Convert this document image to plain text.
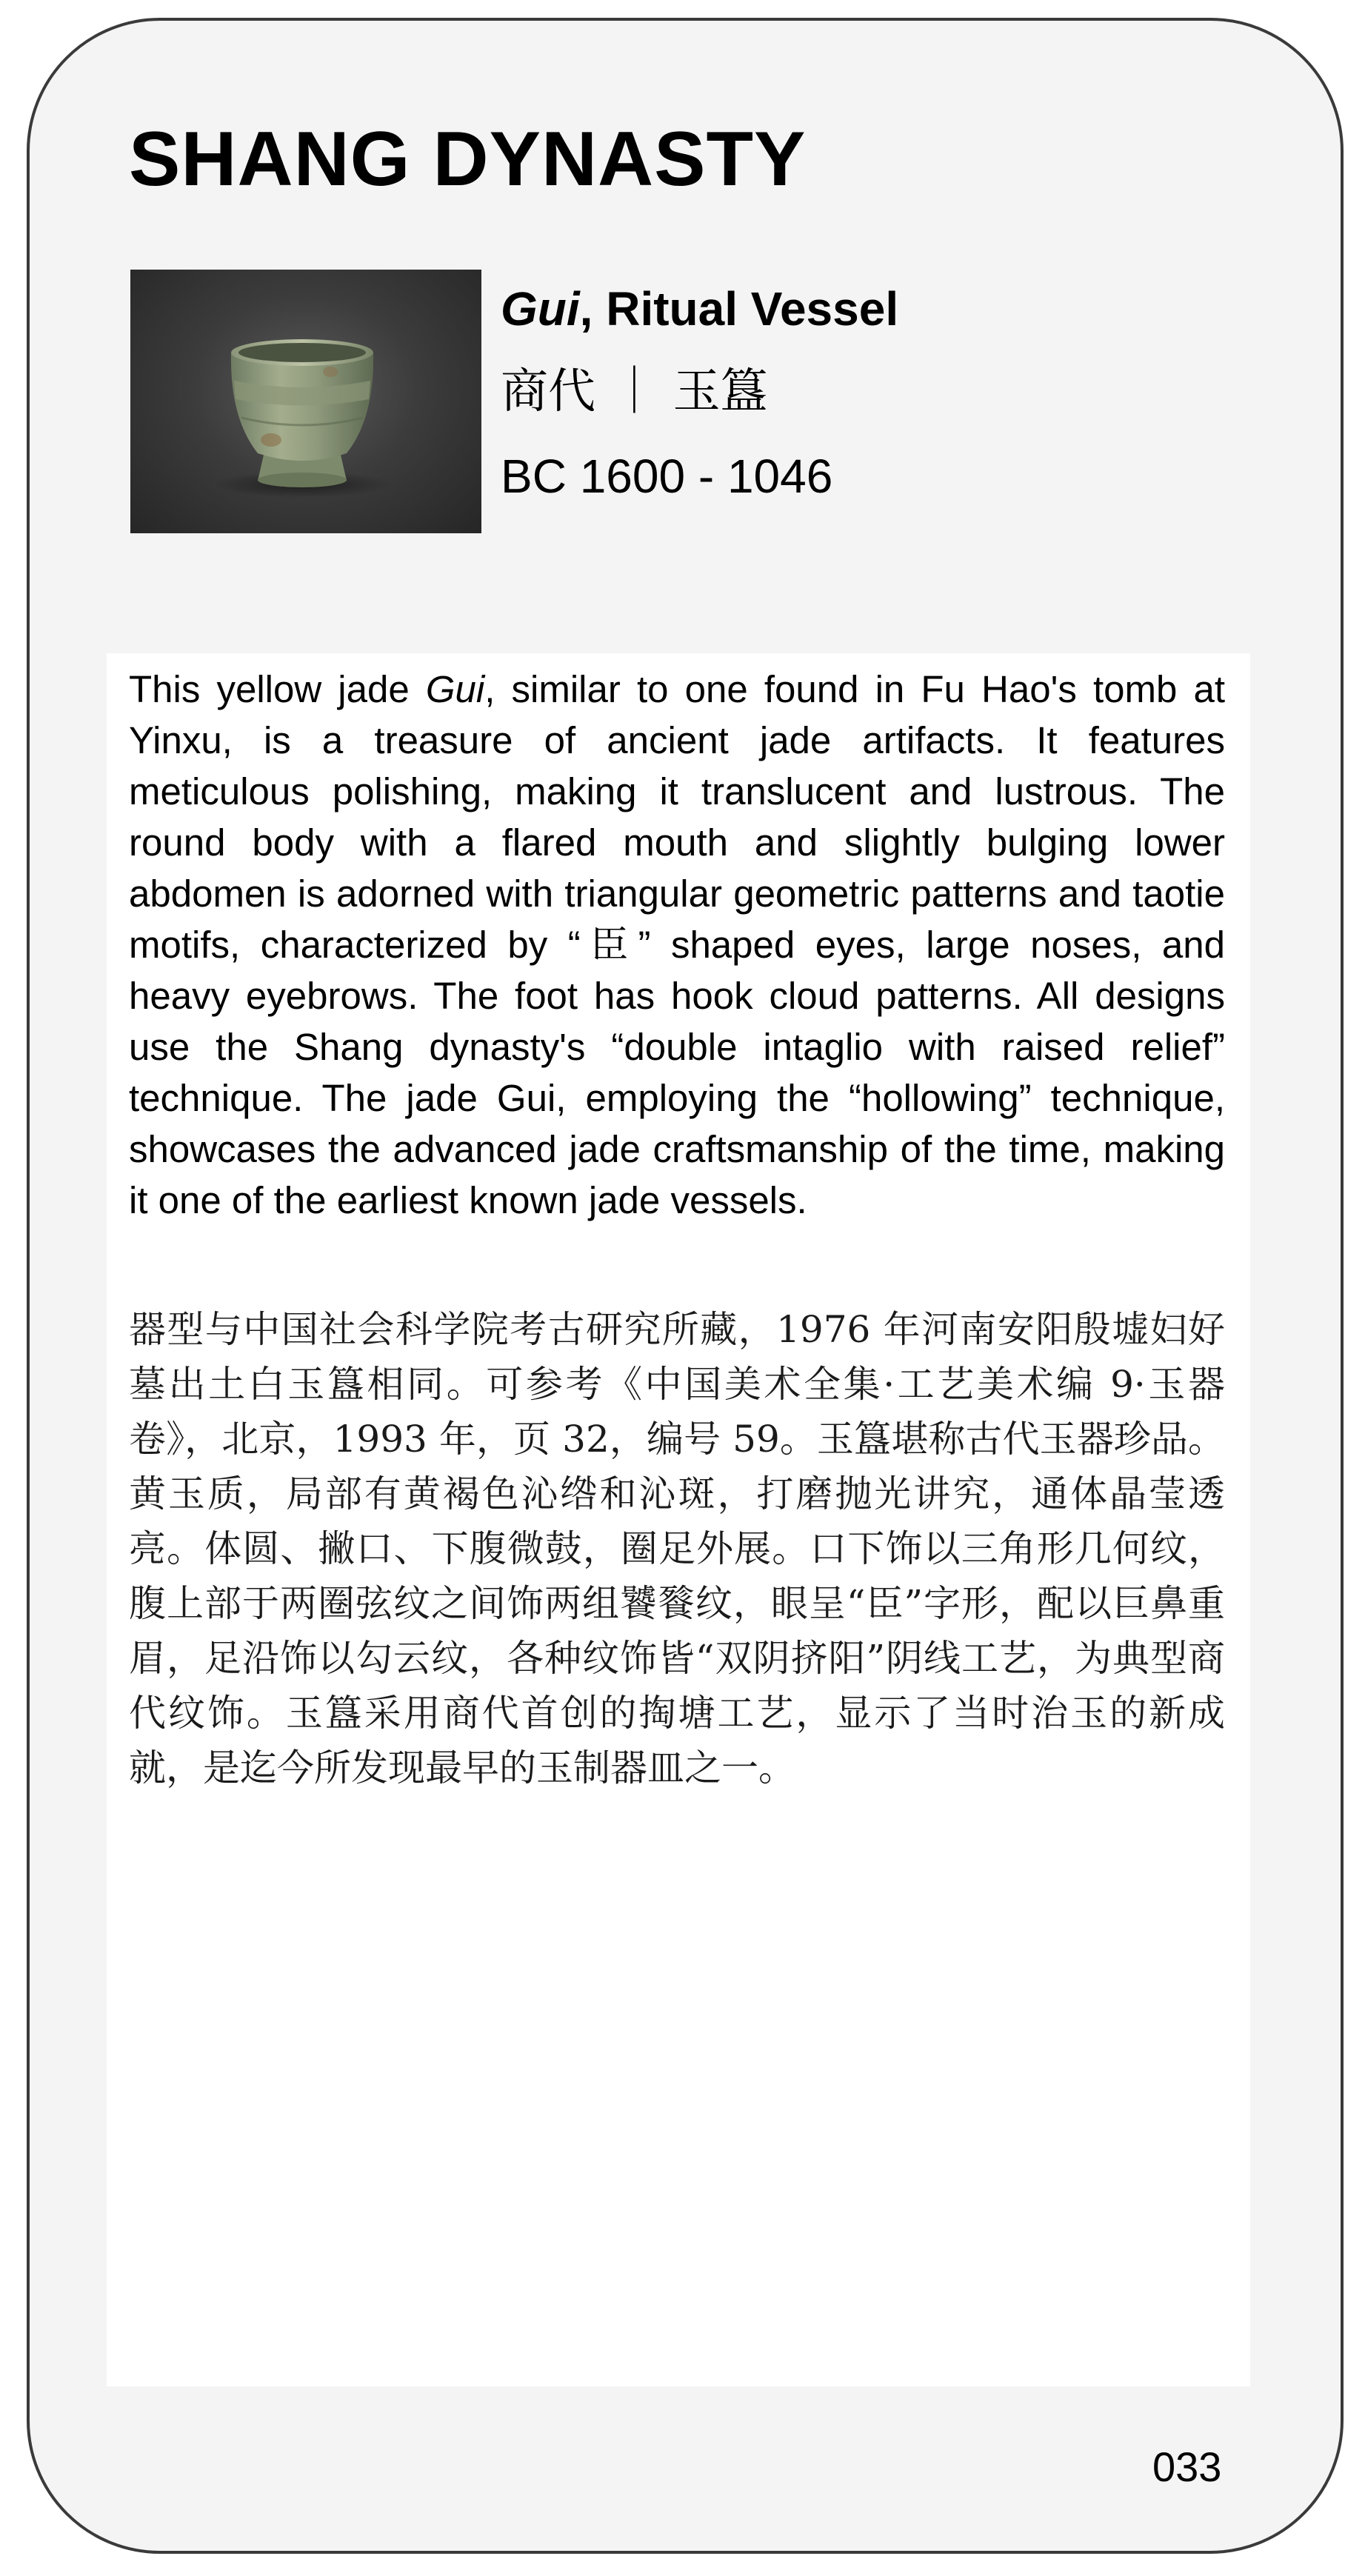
SHANG DYNASTY
Gui, Ritual Vessel
商代 ｜ 玉簋
BC 1600 - 1046

This yellow jade Gui, similar to one found in Fu Hao's tomb at Yinxu, is a treasure of ancient jade artifacts. It features meticulous polishing, making it translucent and lustrous. The round body with a flared mouth and slightly bulging lower abdomen is adorned with triangular geometric patterns and taotie motifs, characterized by “臣” shaped eyes, large noses, and heavy eyebrows. The foot has hook cloud patterns. All designs use the Shang dynasty's “double intaglio with raised relief” technique. The jade Gui, employing the “hollowing” technique, showcases the advanced jade craftsmanship of the time, making it one of the earliest known jade vessels.

器型与中国社会科学院考古研究所藏，1976 年河南安阳殷墟妇好墓出土白玉簋相同。可参考《中国美术全集·工艺美术编 9·玉器卷》，北京，1993 年，页 32，编号 59。玉簋堪称古代玉器珍品。黄玉质，局部有黄褐色沁绺和沁斑，打磨抛光讲究，通体晶莹透亮。体圆、撇口、下腹微鼓，圈足外展。口下饰以三角形几何纹，腹上部于两圈弦纹之间饰两组饕餮纹，眼呈“臣”字形，配以巨鼻重眉，足沿饰以勾云纹，各种纹饰皆“双阴挤阳”阴线工艺，为典型商代纹饰。玉簋采用商代首创的掏塘工艺，显示了当时治玉的新成就，是迄今所发现最早的玉制器皿之一。

033
